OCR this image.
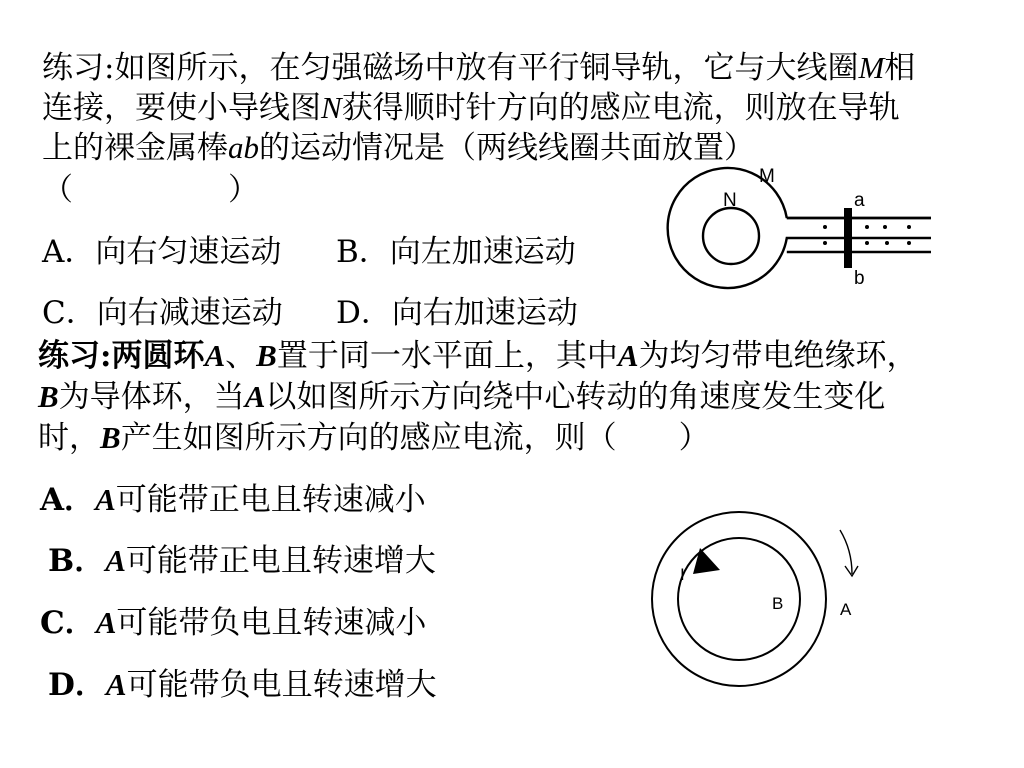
练习:如图所示，在匀强磁场中放有平行铜导轨，它与大线圈M相
连接，要使小导线图N获得顺时针方向的感应电流，则放在导轨
上的裸金属棒ab的运动情况是（两线线圈共面放置）
（　　　　　）
A．向右匀速运动 B．向左加速运动
C．向右减速运动 D．向右加速运动
M
N	a
b
练习:两圆环A、B置于同一水平面上，其中A为均匀带电绝缘环，
B为导体环，当A以如图所示方向绕中心转动的角速度发生变化
时，B产生如图所示方向的感应电流，则（　　）
A．A可能带正电且转速减小
B．A可能带正电且转速增大
C．A可能带负电且转速减小
D．A可能带负电且转速增大
I
B	A
